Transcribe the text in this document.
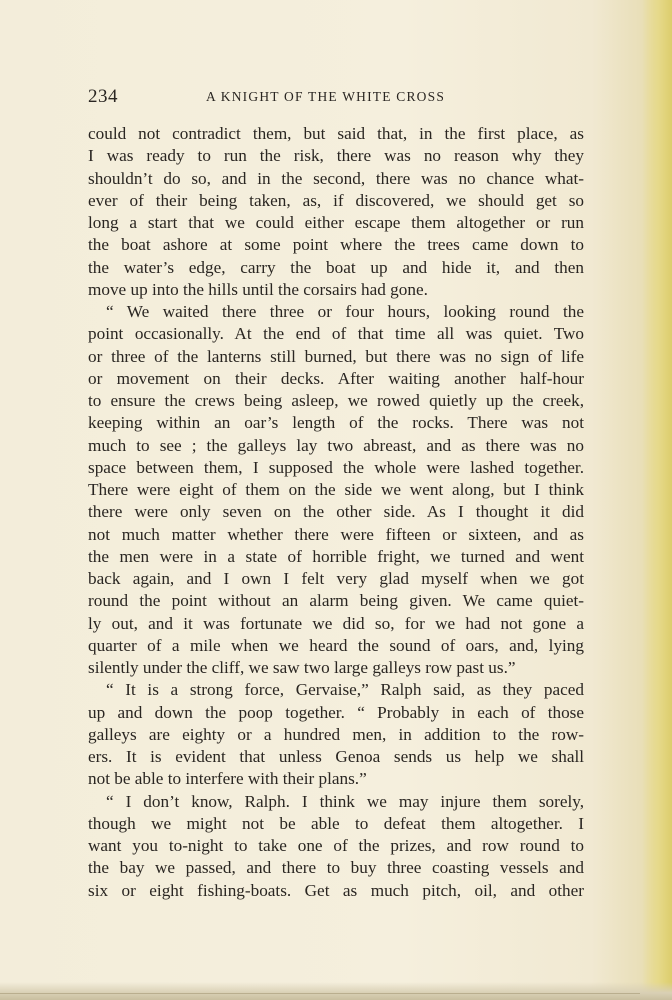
234	A KNIGHT OF THE WHITE CROSS
could not contradict them, but said that, in the first place, as
I was ready to run the risk, there was no reason why they
shouldn’t do so, and in the second, there was no chance what-
ever of their being taken, as, if discovered, we should get so
long a start that we could either escape them altogether or run
the boat ashore at some point where the trees came down to
the water’s edge, carry the boat up and hide it, and then
move up into the hills until the corsairs had gone.
“ We waited there three or four hours, looking round the
point occasionally. At the end of that time all was quiet. Two
or three of the lanterns still burned, but there was no sign of life
or movement on their decks. After waiting another half-hour
to ensure the crews being asleep, we rowed quietly up the creek,
keeping within an oar’s length of the rocks. There was not
much to see ; the galleys lay two abreast, and as there was no
space between them, I supposed the whole were lashed together.
There were eight of them on the side we went along, but I think
there were only seven on the other side. As I thought it did
not much matter whether there were fifteen or sixteen, and as
the men were in a state of horrible fright, we turned and went
back again, and I own I felt very glad myself when we got
round the point without an alarm being given. We came quiet-
ly out, and it was fortunate we did so, for we had not gone a
quarter of a mile when we heard the sound of oars, and, lying
silently under the cliff, we saw two large galleys row past us.”
“ It is a strong force, Gervaise,” Ralph said, as they paced
up and down the poop together. “ Probably in each of those
galleys are eighty or a hundred men, in addition to the row-
ers. It is evident that unless Genoa sends us help we shall
not be able to interfere with their plans.”
“ I don’t know, Ralph. I think we may injure them sorely,
though we might not be able to defeat them altogether. I
want you to-night to take one of the prizes, and row round to
the bay we passed, and there to buy three coasting vessels and
six or eight fishing-boats. Get as much pitch, oil, and other
